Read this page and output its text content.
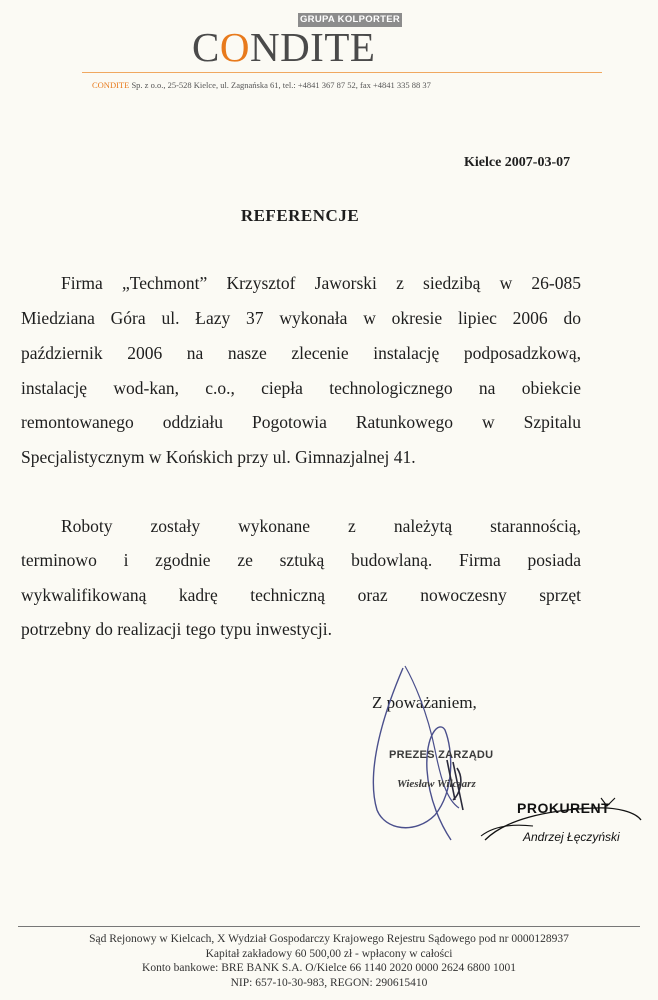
GRUPA KOLPORTER
CONDITE
CONDITE Sp. z o.o., 25-528 Kielce, ul. Zagnańska 61, tel.: +4841 367 87 52, fax +4841 335 88 37
Kielce 2007-03-07
REFERENCJE
Firma „Techmont” Krzysztof Jaworski z siedzibą w 26-085
Miedziana Góra ul. Łazy 37 wykonała w okresie lipiec 2006 do
październik 2006 na nasze zlecenie instalację podposadzkową,
instalację wod-kan, c.o., ciepła technologicznego na obiekcie
remontowanego oddziału Pogotowia Ratunkowego w Szpitalu
Specjalistycznym w Końskich przy ul. Gimnazjalnej 41.
Roboty zostały wykonane z należytą starannością,
terminowo i zgodnie ze sztuką budowlaną. Firma posiada
wykwalifikowaną kadrę techniczną oraz nowoczesny sprzęt
potrzebny do realizacji tego typu inwestycji.
Z poważaniem,
PREZES ZARZĄDU
Wiesław Wilczarz
PROKURENT
Andrzej Łęczyński
Sąd Rejonowy w Kielcach, X Wydział Gospodarczy Krajowego Rejestru Sądowego pod nr 0000128937
Kapitał zakładowy 60 500,00 zł - wpłacony w całości
Konto bankowe: BRE BANK S.A. O/Kielce 66 1140 2020 0000 2624 6800 1001
NIP: 657-10-30-983, REGON: 290615410
